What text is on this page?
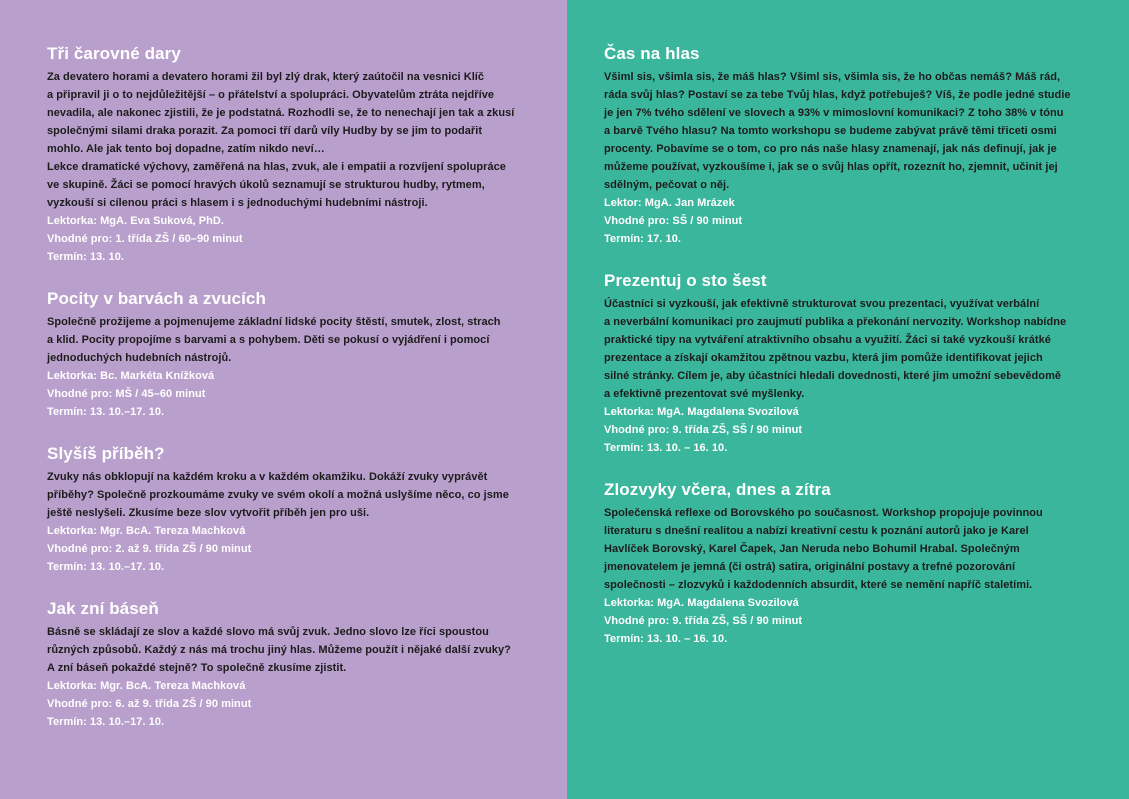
Tři čarovné dary

Za devatero horami a devatero horami žil byl zlý drak, který zaútočil na vesnici Klíč

a připravil ji o to nejdůležitější – o přátelství a spolupráci. Obyvatelům ztráta nejdříve

nevadila, ale nakonec zjistili, že je podstatná. Rozhodli se, že to nenechají jen tak a zkusí

společnými silami draka porazit. Za pomoci tří darů víly Hudby by se jim to podařit

mohlo. Ale jak tento boj dopadne, zatím nikdo neví…

Lekce dramatické výchovy, zaměřená na hlas, zvuk, ale i empatii a rozvíjení spolupráce

ve skupině. Žáci se pomocí hravých úkolů seznamují se strukturou hudby, rytmem,

vyzkouší si cílenou práci s hlasem i s jednoduchými hudebními nástroji.

Lektorka: MgA. Eva Suková, PhD.

Vhodné pro: 1. třída ZŠ / 60–90 minut

Termín: 13. 10.

Pocity v barvách a zvucích

Společně prožijeme a pojmenujeme základní lidské pocity štěstí, smutek, zlost, strach

a klid. Pocity propojíme s barvami a s pohybem. Děti se pokusí o vyjádření i pomocí

jednoduchých hudebních nástrojů.

Lektorka: Bc. Markéta Knížková

Vhodné pro: MŠ / 45–60 minut

Termín: 13. 10.–17. 10.

Slyšíš příběh?

Zvuky nás obklopují na každém kroku a v každém okamžiku. Dokáží zvuky vyprávět

příběhy? Společně prozkoumáme zvuky ve svém okolí a možná uslyšíme něco, co jsme

ještě neslyšeli. Zkusíme beze slov vytvořit příběh jen pro uši.

Lektorka: Mgr. BcA. Tereza Machková

Vhodné pro: 2. až 9. třída ZŠ / 90 minut

Termín: 13. 10.–17. 10.

Jak zní báseň

Básně se skládají ze slov a každé slovo má svůj zvuk. Jedno slovo lze říci spoustou

různých způsobů. Každý z nás má trochu jiný hlas. Můžeme použít i nějaké další zvuky?

A zní báseň pokaždé stejně? To společně zkusíme zjistit.

Lektorka: Mgr. BcA. Tereza Machková

Vhodné pro: 6. až 9. třída ZŠ / 90 minut

Termín: 13. 10.–17. 10.

Čas na hlas

Všiml sis, všimla sis, že máš hlas? Všiml sis, všimla sis, že ho občas nemáš? Máš rád,

ráda svůj hlas? Postaví se za tebe Tvůj hlas, když potřebuješ? Víš, že podle jedné studie

je jen 7% tvého sdělení ve slovech a 93% v mimoslovní komunikaci? Z toho 38% v tónu

a barvě Tvého hlasu? Na tomto workshopu se budeme zabývat právě těmi třiceti osmi

procenty. Pobavíme se o tom, co pro nás naše hlasy znamenají, jak nás definují, jak je

můžeme používat, vyzkoušíme i, jak se o svůj hlas opřít, rozeznít ho, zjemnit, učinit jej

sdělným, pečovat o něj.

Lektor: MgA. Jan Mrázek

Vhodné pro: SŠ / 90 minut

Termín: 17. 10.

Prezentuj o sto šest

Účastníci si vyzkouší, jak efektivně strukturovat svou prezentaci, využívat verbální

a neverbální komunikaci pro zaujmutí publika a překonání nervozity. Workshop nabídne

praktické tipy na vytváření atraktivního obsahu a využití. Žáci si také vyzkouší krátké

prezentace a získají okamžitou zpětnou vazbu, která jim pomůže identifikovat jejich

silné stránky. Cílem je, aby účastníci hledali dovednosti, které jim umožní sebevědomě

a efektivně prezentovat své myšlenky.

Lektorka: MgA. Magdalena Svozilová

Vhodné pro: 9. třída ZŠ, SŠ / 90 minut

Termín: 13. 10. – 16. 10.

Zlozvyky včera, dnes a zítra

Společenská reflexe od Borovského po současnost. Workshop propojuje povinnou

literaturu s dnešní realitou a nabízí kreativní cestu k poznání autorů jako je Karel

Havlíček Borovský, Karel Čapek, Jan Neruda nebo Bohumil Hrabal. Společným

jmenovatelem je jemná (či ostrá) satira, originální postavy a trefné pozorování

společnosti – zlozvyků i každodenních absurdit, které se nemění napříč staletími.

Lektorka: MgA. Magdalena Svozilová

Vhodné pro: 9. třída ZŠ, SŠ / 90 minut

Termín: 13. 10. – 16. 10.
